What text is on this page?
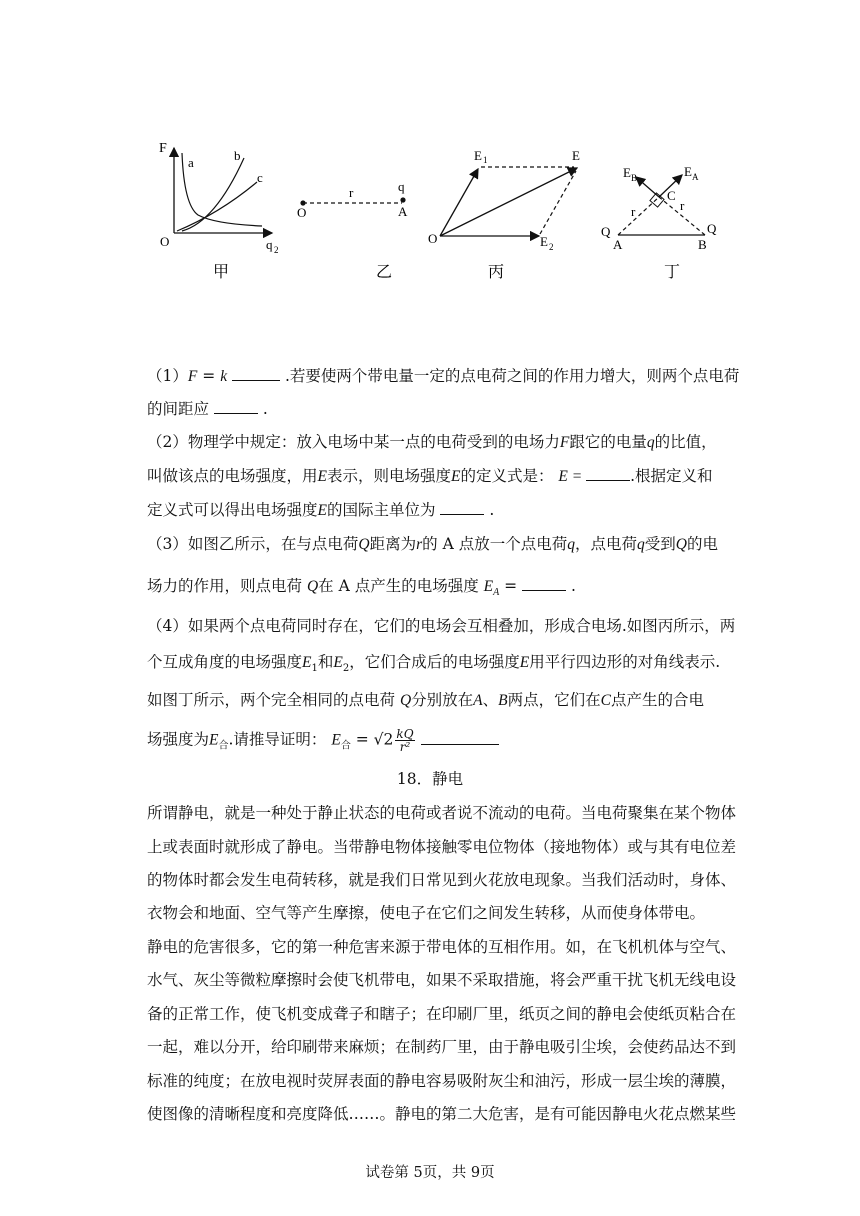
F
a	b
c
O	q 2
甲
r	q
O	A
乙
O
E 1
E 2
E
丙
E B	E A
C
r	r
Q	Q
A	B
丁
（1）F = k	.若要使两个带电量一定的点电荷之间的作用力增大，则两个点电荷
的间距应	.
（2）物理学中规定：放入电场中某一点的电荷受到的电场力F跟它的电量q的比值，
叫做该点的电场强度，用E表示，则电场强度E的定义式是： E =	.根据定义和
定义式可以得出电场强度E的国际主单位为	.
（3）如图乙所示，在与点电荷Q距离为r的 A 点放一个点电荷q，点电荷q受到Q的电
场力的作用，则点电荷 Q在 A 点产生的电场强度 $E_A$ =	.
（4）如果两个点电荷同时存在，它们的电场会互相叠加，形成合电场.如图丙所示，两
个互成角度的电场强度$E_1$和$E_2$，它们合成后的电场强度E用平行四边形的对角线表示.
如图丁所示，两个完全相同的点电荷 Q分别放在A、B两点，它们在C点产生的合电
场强度为$E_合$.请推导证明： $E_合 = √2 \frac{kQ}{\text{r²}}$

18．静电
所谓静电，就是一种处于静止状态的电荷或者说不流动的电荷。当电荷聚集在某个物体
上或表面时就形成了静电。当带静电物体接触零电位物体（接地物体）或与其有电位差
的物体时都会发生电荷转移，就是我们日常见到火花放电现象。当我们活动时，身体、
衣物会和地面、空气等产生摩擦，使电子在它们之间发生转移，从而使身体带电。
静电的危害很多，它的第一种危害来源于带电体的互相作用。如，在飞机机体与空气、
水气、灰尘等微粒摩擦时会使飞机带电，如果不采取措施，将会严重干扰飞机无线电设
备的正常工作，使飞机变成聋子和瞎子；在印刷厂里，纸页之间的静电会使纸页粘合在
一起，难以分开，给印刷带来麻烦；在制药厂里，由于静电吸引尘埃，会使药品达不到
标准的纯度；在放电视时荧屏表面的静电容易吸附灰尘和油污，形成一层尘埃的薄膜，
使图像的清晰程度和亮度降低……。静电的第二大危害，是有可能因静电火花点燃某些
试卷第 5页，共 9页
